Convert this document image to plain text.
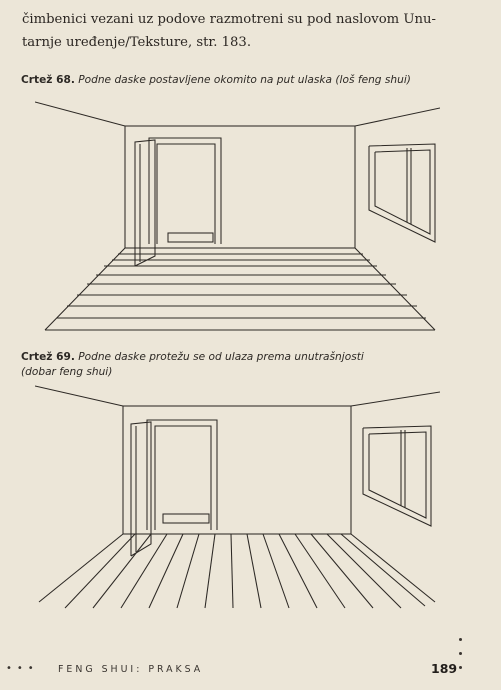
čimbenici vezani uz podove razmotreni su pod naslovom Unu-
tarnje uređenje/Teksture, str. 183.
Crtež 68. Podne daske postavljene okomito na put ulaska (loš feng shui)
Crtež 69. Podne daske protežu se od ulaza prema unutrašnjosti
(dobar feng shui)
••• FENG SHUI: PRAKSA	189
